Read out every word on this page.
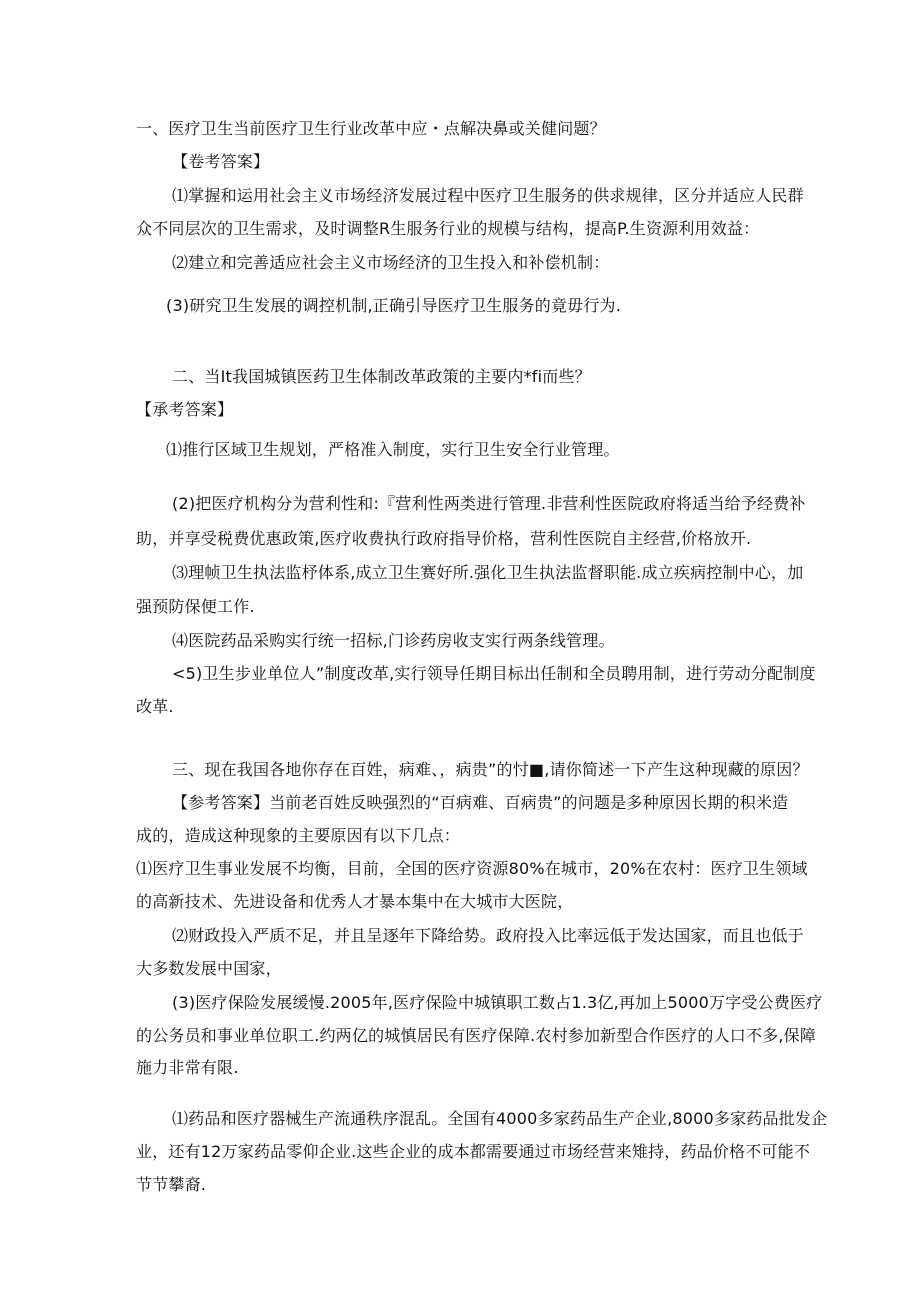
一、医疗卫生当前医疗卫生行业改革中应・点解决鼻或关健问题？
【卷考答案】
⑴掌握和运用社会主义市场经济发展过程中医疗卫生服务的供求规律，区分并适应人民群
众不同层次的卫生需求，及时调整R生服务行业的规模与结构，提高P.生资源利用效益：
⑵建立和完善适应社会主义市场经济的卫生投入和补偿机制：
(3)研究卫生发展的调控机制,正确引导医疗卫生服务的竟毋行为.
二、当It我国城镇医药卫生体制改革政策的主要内*fi而些？
【承考答案】
⑴推行区域卫生规划，严格准入制度，实行卫生安全行业管理。
(2)把医疗机构分为营利性和:『营利性两类进行管理.非营利性医院政府将适当给予经费补
助，并享受税费优惠政策,医疗收费执行政府指导价格，营利性医院自主经营,价格放开.
⑶理帧卫生执法监杼体系,成立卫生赛好所.强化卫生执法监督职能.成立疾病控制中心，加
强预防保便工作.
⑷医院药品采购实行统一招标,门诊药房收支实行两条线管理。
<5)卫生步业单位人”制度改革,实行领导任期目标出任制和全员聘用制，进行劳动分配制度
改革.
三、现在我国各地你存在百姓，病难、，病贵”的忖■,请你简述一下产生这种现藏的原因？
【参考答案】当前老百姓反映强烈的“百病难、百病贵”的问题是多种原因长期的积米造
成的，造成这种现象的主要原因有以下几点：
⑴医疗卫生事业发展不均衡，目前，全国的医疗资源80%在城市，20%在农村：医疗卫生领域
的高新技术、先进设备和优秀人才暴本集中在大城市大医院，
⑵财政投入严质不足，并且呈逐年下降给势。政府投入比率远低于发达国家，而且也低于
大多数发展中国家，
(3)医疗保险发展缓慢.2005年,医疗保险中城镇职工数占1.3亿,再加上5000万字受公费医疗
的公务员和事业单位职工.约两亿的城慎居民有医疗保障.农村参加新型合作医疗的人口不多,保障
施力非常有限.
⑴药品和医疗器械生产流通秩序混乱。全国有4000多家药品生产企业,8000多家药品批发企
业，还有12万家药品零仰企业.这些企业的成本都需要通过市场经营来雉持，药品价格不可能不
节节攀裔.
